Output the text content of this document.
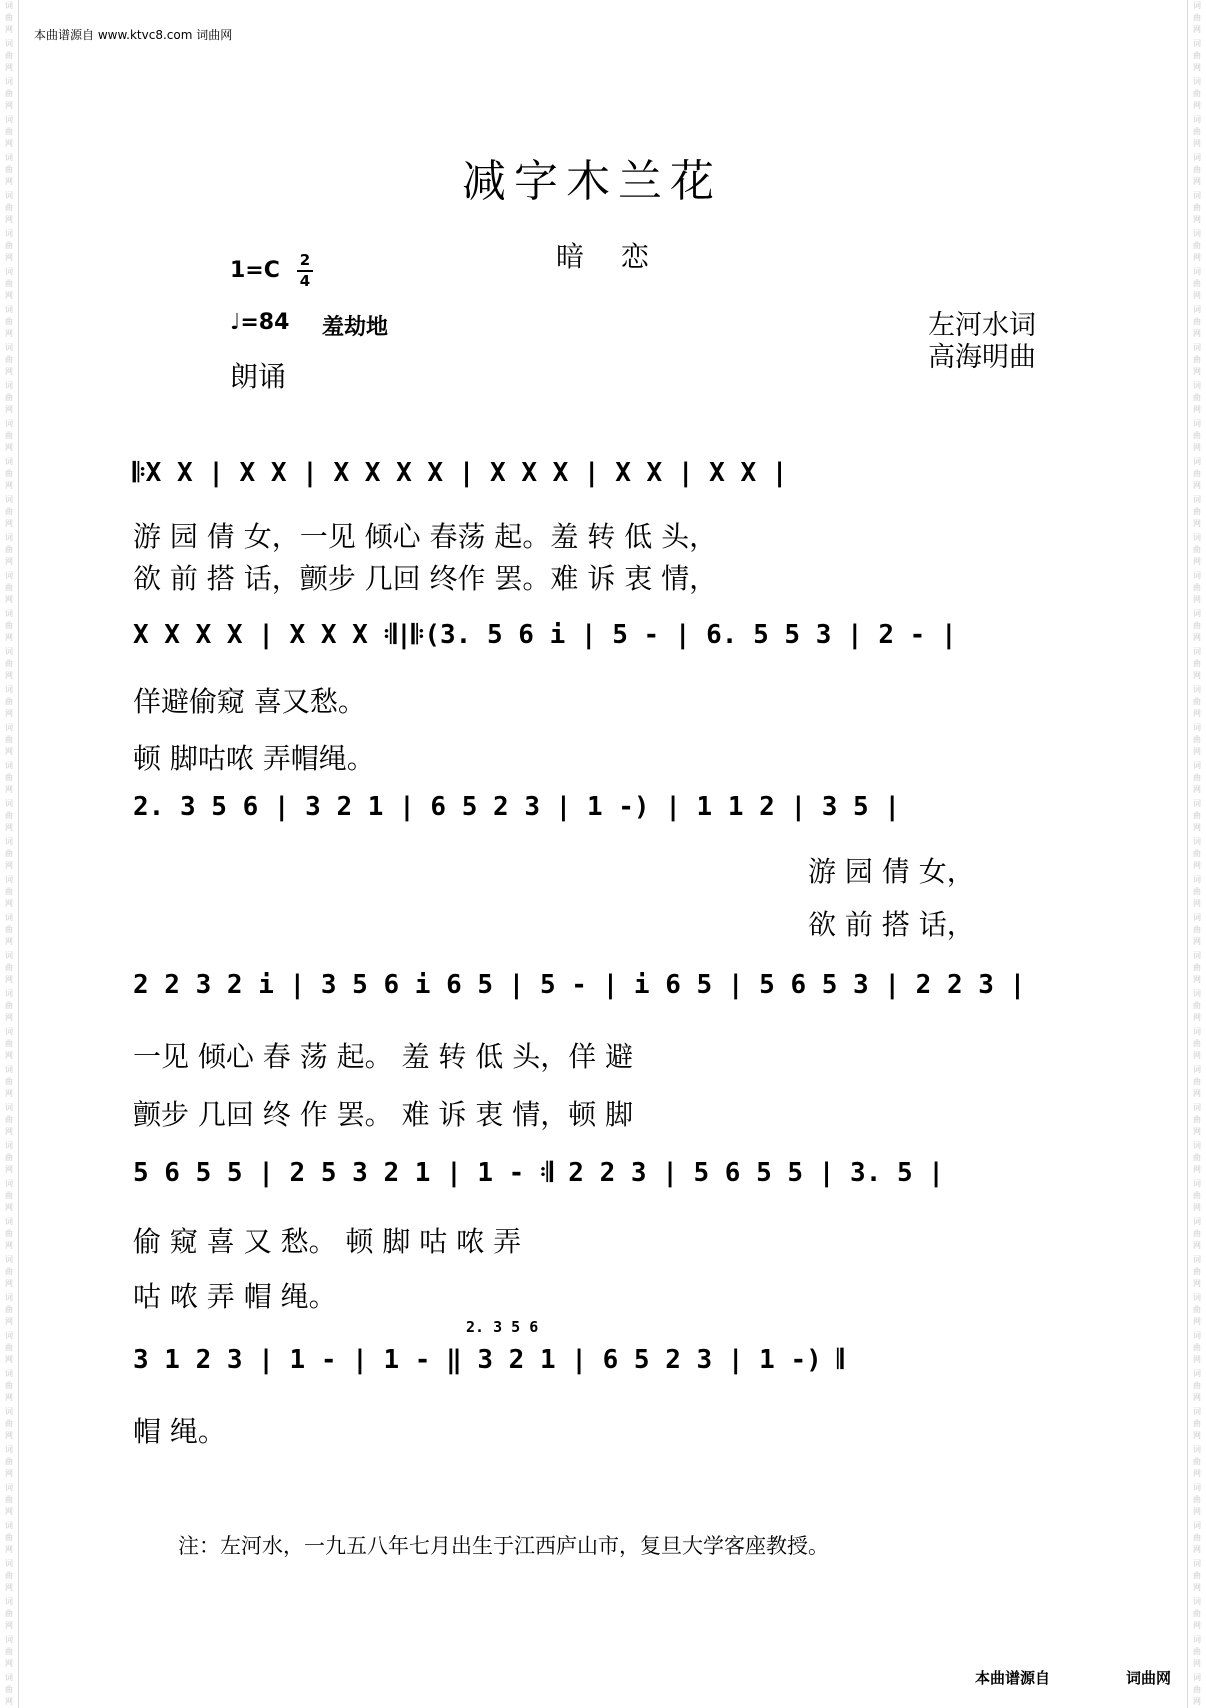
词
曲
网
词
曲
网
词
曲
网
词
曲
网
词
曲
网
词
曲
网
词
曲
网
词
曲
网
词
曲
网
词
曲
网
词
曲
网
词
曲
网
词
曲
网
词
曲
网
词
曲
网
词
曲
网
词
曲
网
词
曲
网
词
曲
网
词
曲
网
词
曲
网
词
曲
网
词
曲
网
词
曲
网
词
曲
网
词
曲
网
词
曲
网
词
曲
网
词
曲
网
词
曲
网
词
曲
网
词
曲
网
词
曲
网
词
曲
网
词
曲
网
词
曲
网
词
曲
网
词
曲
网
词
曲
网
词
曲
网
词
曲
网
词
曲
网
词
曲
网
词
曲
网
词
曲
网
词
曲
网
词
曲
网
词
曲
网
词
曲
网
词
曲
网
词
曲
网
词
曲
网
词
曲
网
词
曲
网
词
曲
网
词
曲
网
词
曲
网
词
曲
网
词
曲
网
词
曲
网
词
曲
网
词
曲
网
词
曲
网
词
曲
网
词
曲
网
词
曲
网
词
曲
网
词
曲
网
词
曲
网
词
曲
网
词
曲
网
词
曲
网
词
曲
网
词
曲
网
词
曲
网
词
曲
网
词
曲
网
词
曲
网
词
曲
网
词
曲
网
词
曲
网
词
曲
网
词
曲
网
词
曲
网
词
曲
网
词
曲
网
词
曲
网
词
曲
网
词
曲
网
词
曲
网
本曲谱源自 www.ktvc8.com 词曲网
减字木兰花
暗 恋
1=C 2
4
♩=84 羞劫地
朗诵
左河水词
高海明曲
𝄆X X | X X | X X X X | X X X | X X | X X |
游 园 倩 女，一见 倾心 春荡 起。羞 转 低 头，
欲 前 搭 话，颤步 几回 终作 罢。难 诉 衷 情，
X X X X | X X X 𝄇|𝄆(3. 5 6 i | 5 - | 6. 5 5 3 | 2 - |
佯避偷窥 喜又愁。
顿 脚咕哝 弄帽绳。
2. 3 5 6 | 3 2 1 | 6 5 2 3 | 1 -) | 1 1 2 | 3 5 |
游 园 倩 女，
欲 前 搭 话，
2 2 3 2 i | 3 5 6 i 6 5 | 5 - | i 6 5 | 5 6 5 3 | 2 2 3 |
一见 倾心 春 荡 起。 羞 转 低 头，佯 避
颤步 几回 终 作 罢。 难 诉 衷 情，顿 脚
5 6 5 5 | 2 5 3 2 1 | 1 - 𝄇 2 2 3 | 5 6 5 5 | 3. 5 |
偷 窥 喜 又 愁。 顿 脚 咕 哝 弄
咕 哝 弄 帽 绳。
2. 3 5 6
3 1 2 3 | 1 - | 1 - ‖ 3 2 1 | 6 5 2 3 | 1 -) 𝄂
帽 绳。
注：左河水，一九五八年七月出生于江西庐山市，复旦大学客座教授。
本曲谱源自	词曲网
